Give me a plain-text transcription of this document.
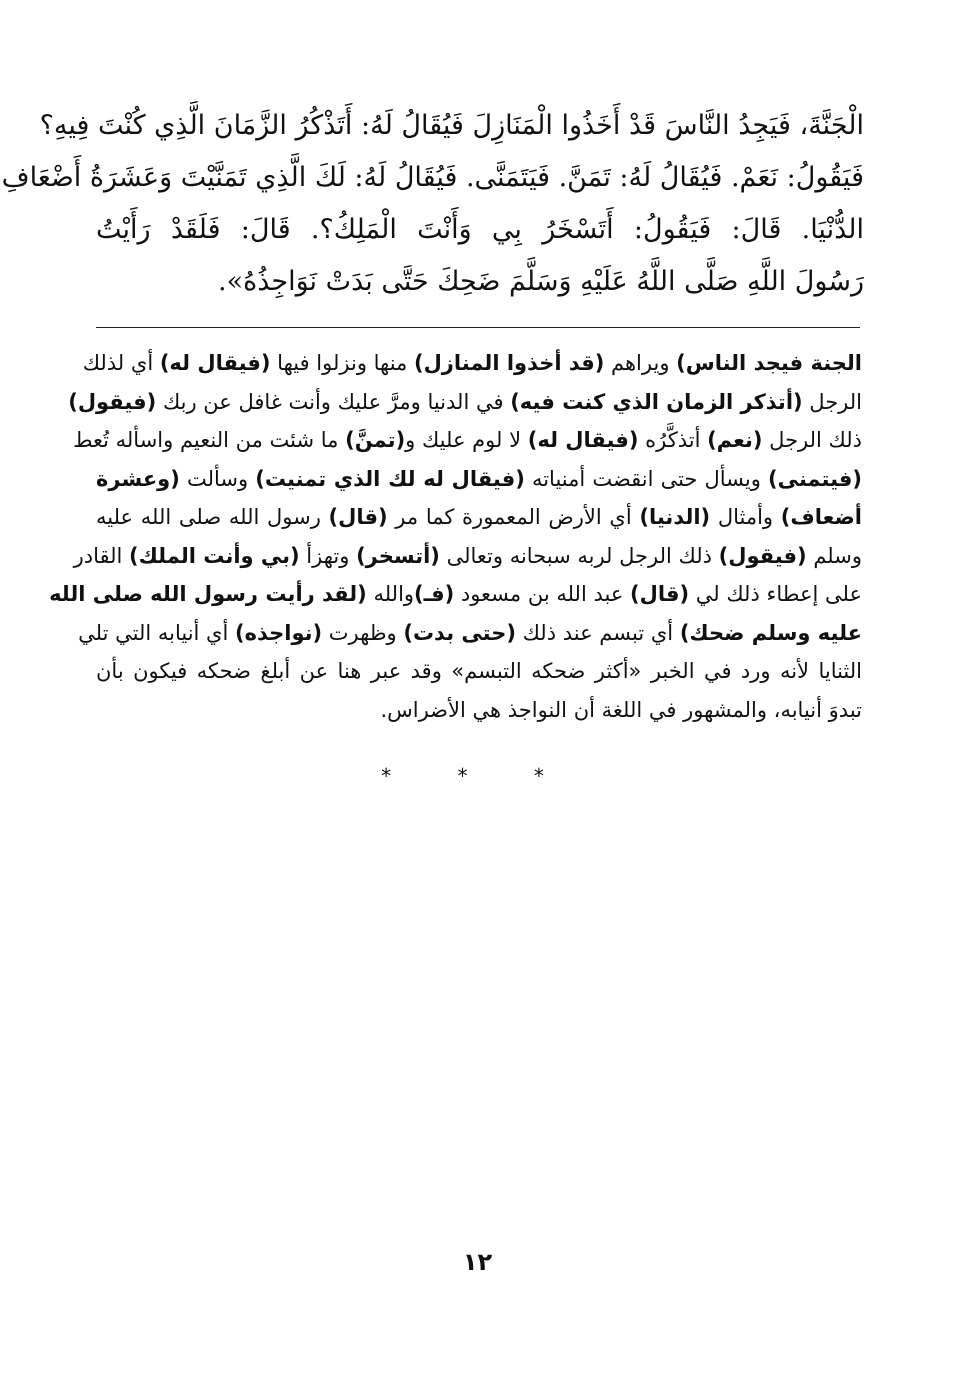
الْجَنَّةَ، فَيَجِدُ النَّاسَ قَدْ أَخَذُوا الْمَنَازِلَ فَيُقَالُ لَهُ: أَتَذْكُرُ الزَّمَانَ الَّذِي كُنْتَ فِيهِ؟
فَيَقُولُ: نَعَمْ. فَيُقَالُ لَهُ: تَمَنَّ. فَيَتَمَنَّى. فَيُقَالُ لَهُ: لَكَ الَّذِي تَمَنَّيْتَ وَعَشَرَةُ أَضْعَافِ
الدُّنْيَا. قَالَ: فَيَقُولُ: أَتَسْخَرُ بِي وَأَنْتَ الْمَلِكُ؟. قَالَ: فَلَقَدْ رَأَيْتُ
رَسُولَ اللَّهِ صَلَّى اللَّهُ عَلَيْهِ وَسَلَّمَ ضَحِكَ حَتَّى بَدَتْ نَوَاجِذُهُ».
الجنة فيجد الناس) ويراهم (قد أخذوا المنازل) منها ونزلوا فيها (فيقال له) أي لذلك
الرجل (أتذكر الزمان الذي كنت فيه) في الدنيا ومرَّ عليك وأنت غافل عن ربك (فيقول)
ذلك الرجل (نعم) أتذكَّرُه (فيقال له) لا لوم عليك و(تمنَّ) ما شئت من النعيم واسأله تُعط
(فيتمنى) ويسأل حتى انقضت أمنياته (فيقال له لك الذي تمنيت) وسألت (وعشرة
أضعاف) وأمثال (الدنيا) أي الأرض المعمورة كما مر (قال) رسول الله صلى الله عليه
وسلم (فيقول) ذلك الرجل لربه سبحانه وتعالى (أتسخر) وتهزأ (بي وأنت الملك) القادر
على إعطاء ذلك لي (قال) عبد الله بن مسعود (فـ)والله (لقد رأيت رسول الله صلى الله
عليه وسلم ضحك) أي تبسم عند ذلك (حتى بدت) وظهرت (نواجذه) أي أنيابه التي تلي
الثنايا لأنه ورد في الخبر «أكثر ضحكه التبسم» وقد عبر هنا عن أبلغ ضحكه فيكون بأن
تبدوَ أنيابه، والمشهور في اللغة أن النواجذ هي الأضراس.
* * *
١٢
